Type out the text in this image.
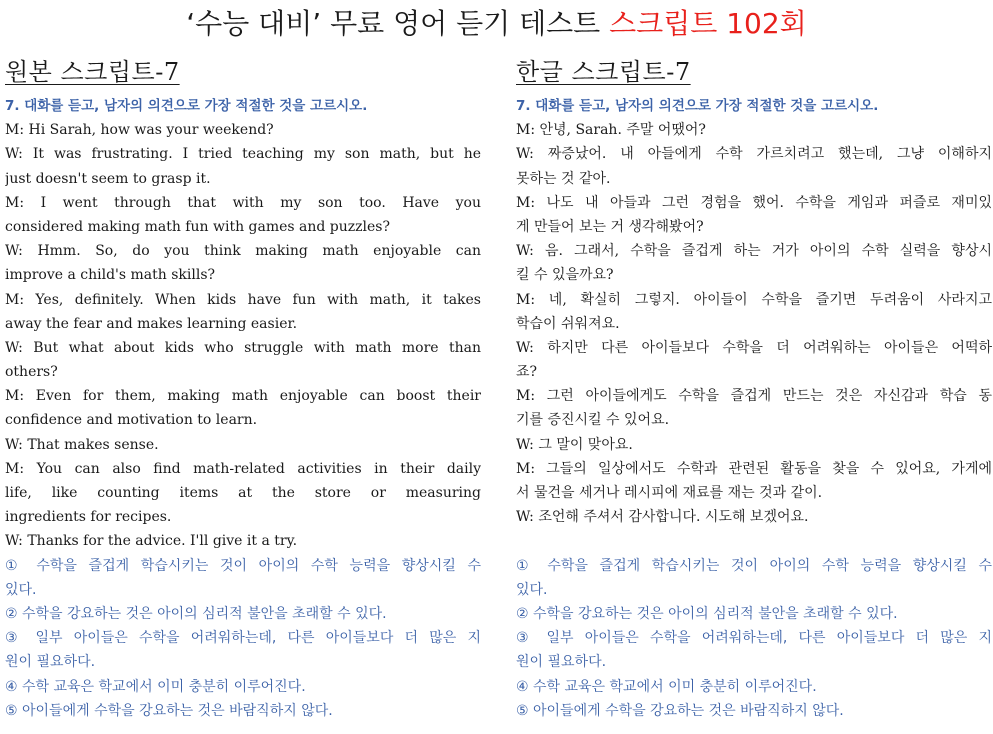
‘수능 대비’ 무료 영어 듣기 테스트 스크립트 102회
원본 스크립트-7
7. 대화를 듣고, 남자의 의견으로 가장 적절한 것을 고르시오.
M: Hi Sarah, how was your weekend?
W: It was frustrating. I tried teaching my son math, but he
just doesn't seem to grasp it.
M: I went through that with my son too. Have you
considered making math fun with games and puzzles?
W: Hmm. So, do you think making math enjoyable can
improve a child's math skills?
M: Yes, definitely. When kids have fun with math, it takes
away the fear and makes learning easier.
W: But what about kids who struggle with math more than
others?
M: Even for them, making math enjoyable can boost their
confidence and motivation to learn.
W: That makes sense.
M: You can also find math-related activities in their daily
life, like counting items at the store or measuring
ingredients for recipes.
W: Thanks for the advice. I'll give it a try.
① 수학을 즐겁게 학습시키는 것이 아이의 수학 능력을 향상시킬 수
있다.
② 수학을 강요하는 것은 아이의 심리적 불안을 초래할 수 있다.
③ 일부 아이들은 수학을 어려워하는데, 다른 아이들보다 더 많은 지
원이 필요하다.
④ 수학 교육은 학교에서 이미 충분히 이루어진다.
⑤ 아이들에게 수학을 강요하는 것은 바람직하지 않다.
한글 스크립트-7
7. 대화를 듣고, 남자의 의견으로 가장 적절한 것을 고르시오.
M: 안녕, Sarah. 주말 어땠어?
W: 짜증났어. 내 아들에게 수학 가르치려고 했는데, 그냥 이해하지
못하는 것 같아.
M: 나도 내 아들과 그런 경험을 했어. 수학을 게임과 퍼즐로 재미있
게 만들어 보는 거 생각해봤어?
W: 음. 그래서, 수학을 즐겁게 하는 거가 아이의 수학 실력을 향상시
킬 수 있을까요?
M: 네, 확실히 그렇지. 아이들이 수학을 즐기면 두려움이 사라지고
학습이 쉬워져요.
W: 하지만 다른 아이들보다 수학을 더 어려워하는 아이들은 어떡하
죠?
M: 그런 아이들에게도 수학을 즐겁게 만드는 것은 자신감과 학습 동
기를 증진시킬 수 있어요.
W: 그 말이 맞아요.
M: 그들의 일상에서도 수학과 관련된 활동을 찾을 수 있어요, 가게에
서 물건을 세거나 레시피에 재료를 재는 것과 같이.
W: 조언해 주셔서 감사합니다. 시도해 보겠어요.
① 수학을 즐겁게 학습시키는 것이 아이의 수학 능력을 향상시킬 수
있다.
② 수학을 강요하는 것은 아이의 심리적 불안을 초래할 수 있다.
③ 일부 아이들은 수학을 어려워하는데, 다른 아이들보다 더 많은 지
원이 필요하다.
④ 수학 교육은 학교에서 이미 충분히 이루어진다.
⑤ 아이들에게 수학을 강요하는 것은 바람직하지 않다.
